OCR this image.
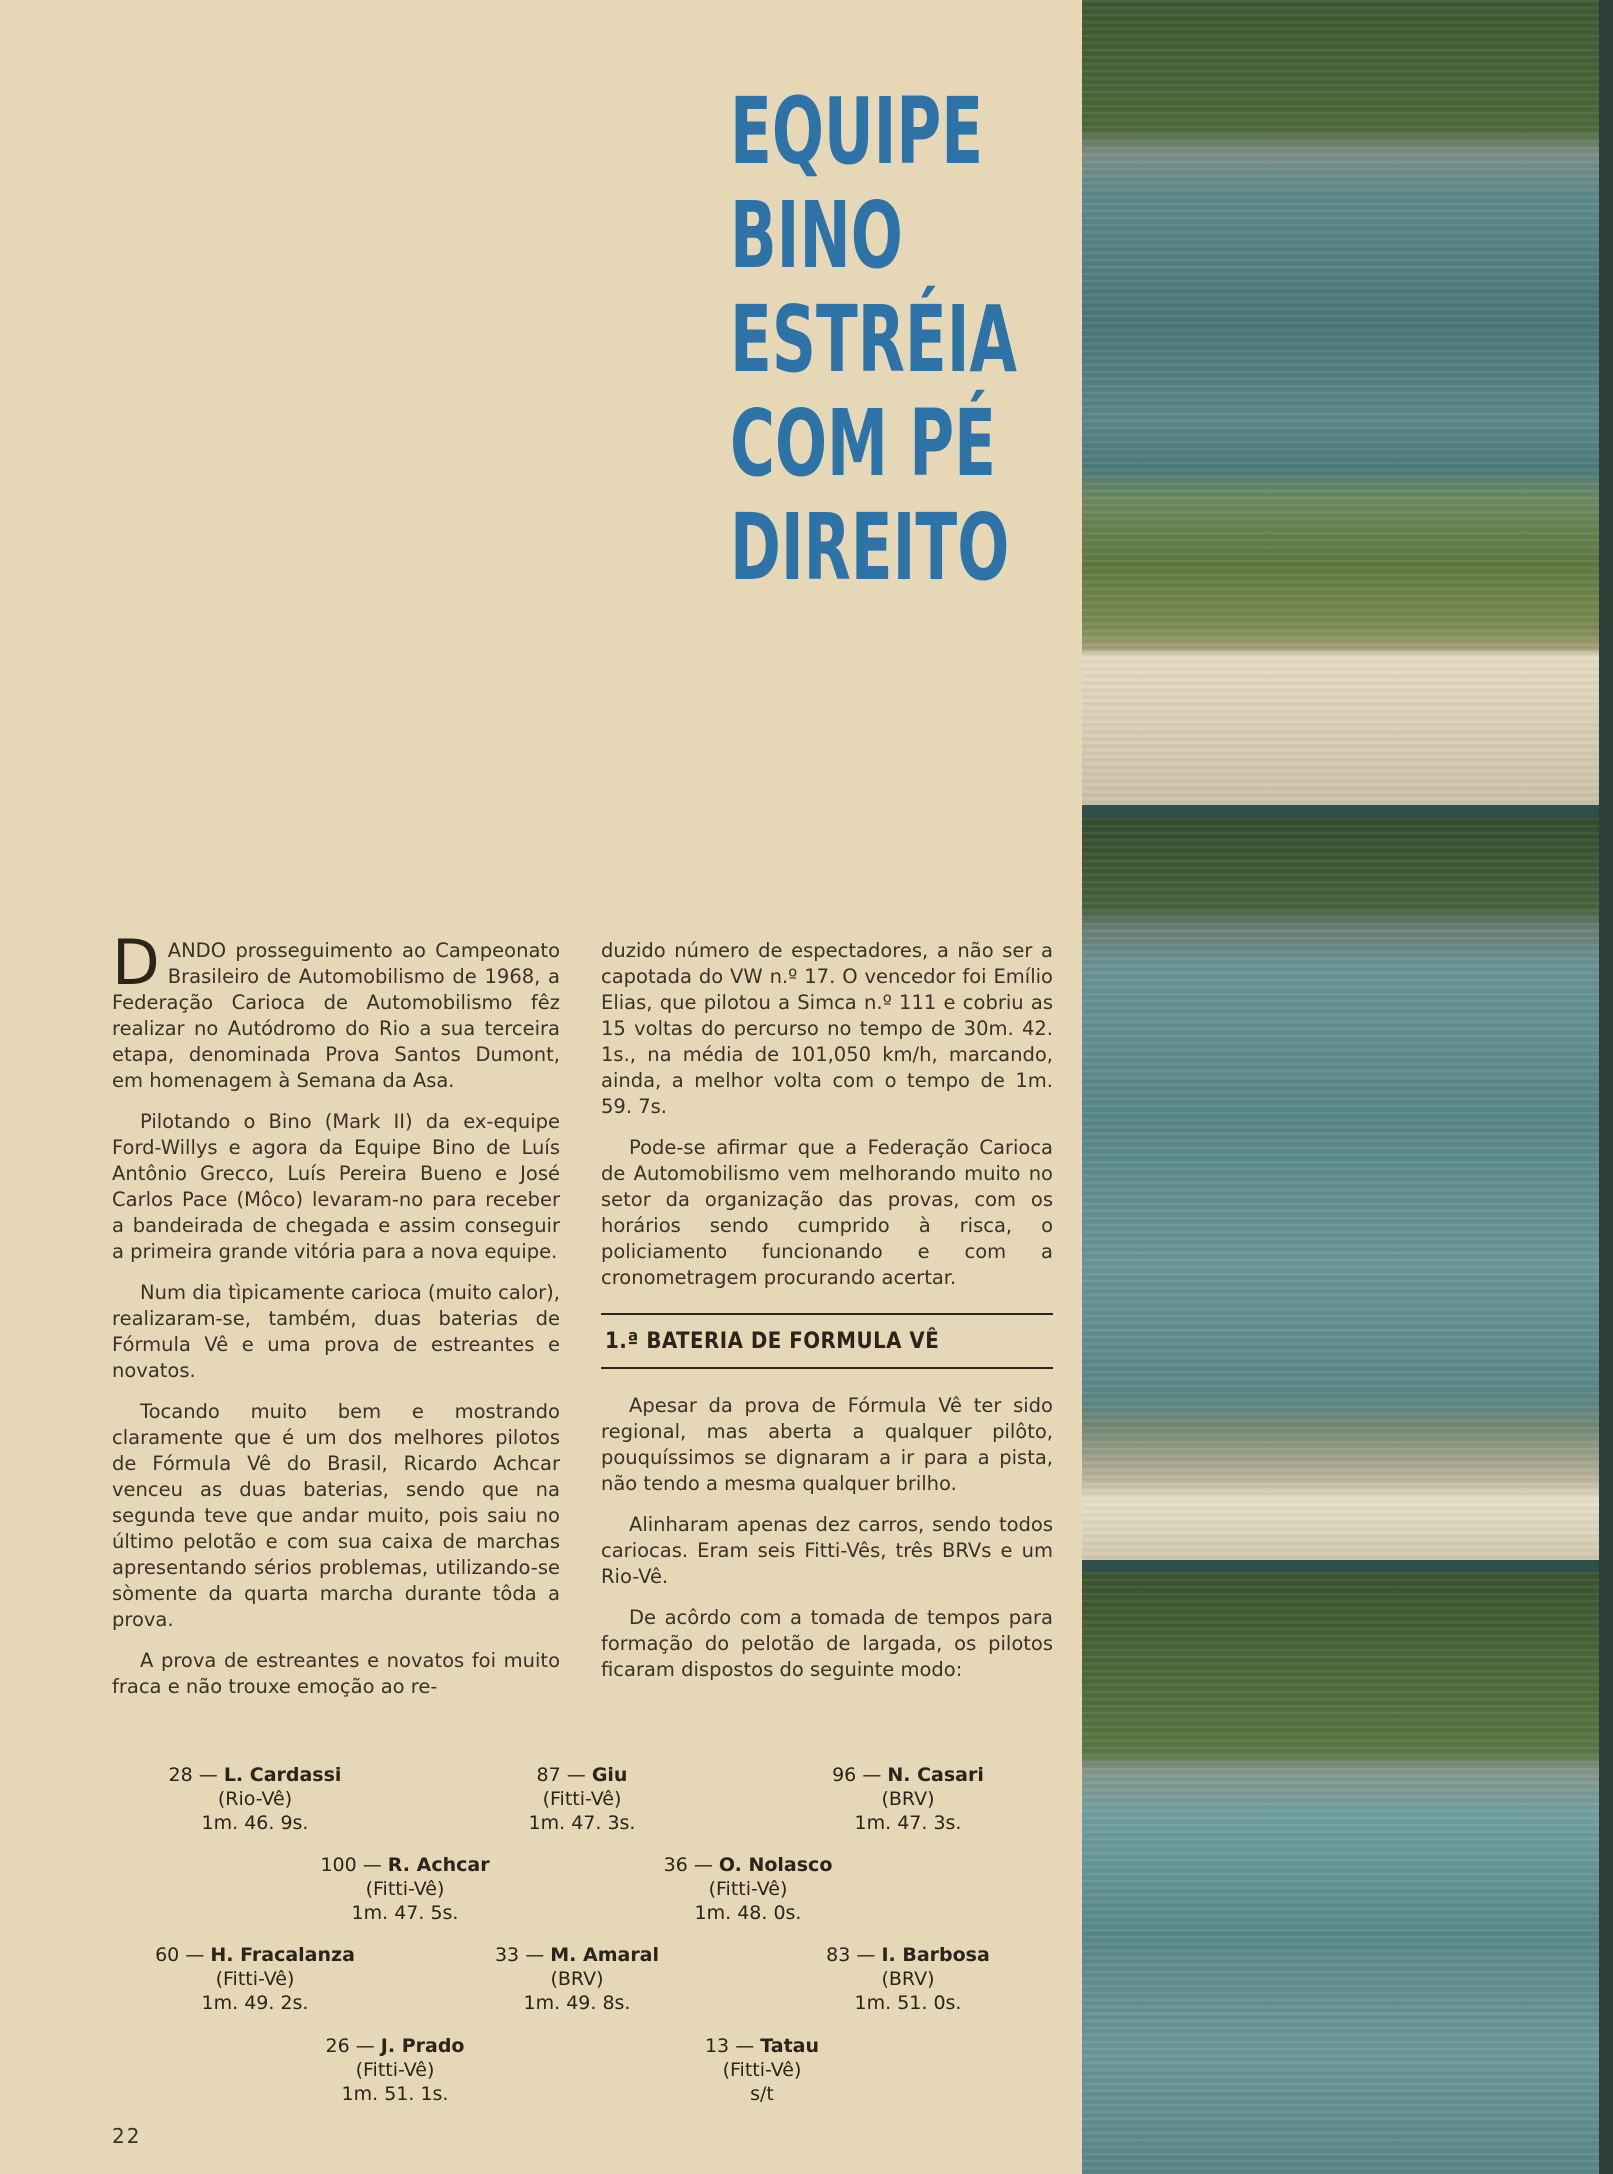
EQUIPE
BINO
ESTRÉIA
COM PÉ
DIREITO

DANDO prosseguimento ao Campeonato Brasileiro de Automobilismo de 1968, a Federação Carioca de Automobilismo fêz realizar no Autódromo do Rio a sua terceira etapa, denominada Prova Santos Dumont, em homenagem à Semana da Asa.

Pilotando o Bino (Mark II) da ex-equipe Ford-Willys e agora da Equipe Bino de Luís Antônio Grecco, Luís Pereira Bueno e José Carlos Pace (Môco) levaram-no para receber a bandeirada de chegada e assim conseguir a primeira grande vitória para a nova equipe.

Num dia tìpicamente carioca (muito calor), realizaram-se, também, duas baterias de Fórmula Vê e uma prova de estreantes e novatos.

Tocando muito bem e mostrando claramente que é um dos melhores pilotos de Fórmula Vê do Brasil, Ricardo Achcar venceu as duas baterias, sendo que na segunda teve que andar muito, pois saiu no último pelotão e com sua caixa de marchas apresentando sérios problemas, utilizando-se sòmente da quarta marcha durante tôda a prova.

A prova de estreantes e novatos foi muito fraca e não trouxe emoção ao re-

duzido número de espectadores, a não ser a capotada do VW n.º 17. O vencedor foi Emílio Elias, que pilotou a Simca n.º 111 e cobriu as 15 voltas do percurso no tempo de 30m. 42. 1s., na média de 101,050 km/h, marcando, ainda, a melhor volta com o tempo de 1m. 59. 7s.

Pode-se afirmar que a Federação Carioca de Automobilismo vem melhorando muito no setor da organização das provas, com os horários sendo cumprido à risca, o policiamento funcionando e com a cronometragem procurando acertar.

1.ª BATERIA DE FORMULA VÊ

Apesar da prova de Fórmula Vê ter sido regional, mas aberta a qualquer pilôto, pouquíssimos se dignaram a ir para a pista, não tendo a mesma qualquer brilho.

Alinharam apenas dez carros, sendo todos cariocas. Eram seis Fitti-Vês, três BRVs e um Rio-Vê.

De acôrdo com a tomada de tempos para formação do pelotão de largada, os pilotos ficaram dispostos do seguinte modo:

28 — L. Cardassi
(Rio-Vê)
1m. 46. 9s.
87 — Giu
(Fitti-Vê)
1m. 47. 3s.
96 — N. Casari
(BRV)
1m. 47. 3s.
100 — R. Achcar
(Fitti-Vê)
1m. 47. 5s.
36 — O. Nolasco
(Fitti-Vê)
1m. 48. 0s.
60 — H. Fracalanza
(Fitti-Vê)
1m. 49. 2s.
33 — M. Amaral
(BRV)
1m. 49. 8s.
83 — I. Barbosa
(BRV)
1m. 51. 0s.
26 — J. Prado
(Fitti-Vê)
1m. 51. 1s.
13 — Tatau
(Fitti-Vê)
s/t
22
